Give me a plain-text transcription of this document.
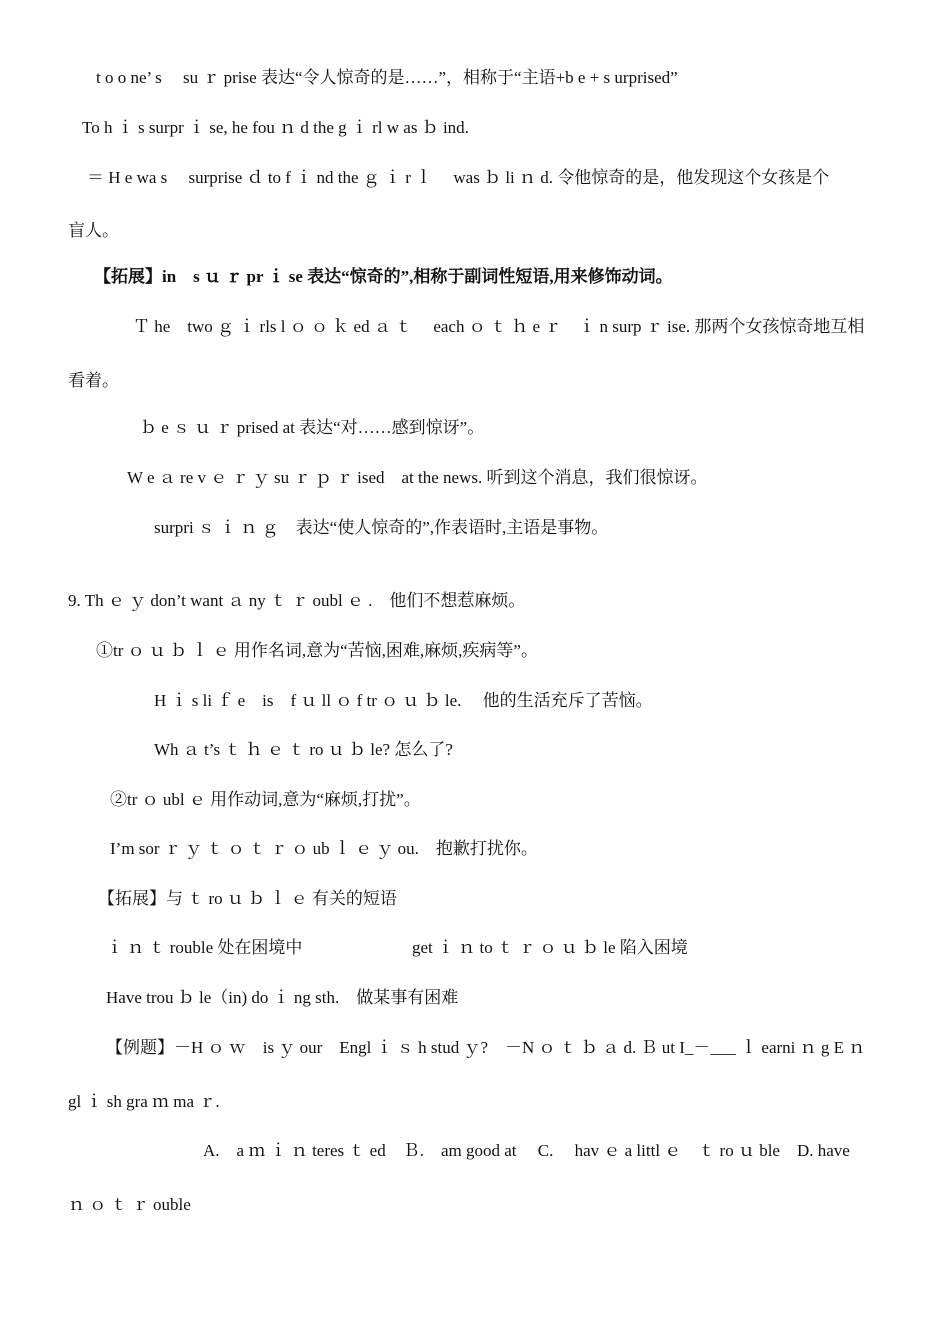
t o o ne’ s　 su ｒ prise 表达“令人惊奇的是……”，相称于“主语+b e + s urprised”
To h ｉ s surpr ｉ se, he fou ｎ d the g ｉ rl w as ｂ ind.
＝ H e wa s　 surprise ｄ to f ｉ nd the ｇ ｉ r ｌ　 was ｂ li ｎ d. 令他惊奇的是，他发现这个女孩是个
盲人。
【拓展】in　s ｕ ｒ pr ｉ se 表达“惊奇的”,相称于副词性短语,用来修饰动词。
Ｔ he　two ｇ ｉ rls l ｏ ｏ ｋ ed ａ ｔ　 each ｏ ｔ ｈ e ｒ　ｉ n surp ｒ ise. 那两个女孩惊奇地互相
看着。
ｂ e ｓ ｕ ｒ prised at 表达“对……感到惊讶”。
W e ａ re v ｅ ｒ ｙ su ｒ ｐ ｒ ised　at the news. 听到这个消息，我们很惊讶。
surpri ｓ ｉ ｎ ｇ　表达“使人惊奇的”,作表语时,主语是事物。
9. Th ｅ ｙ don’t want ａ ny ｔ ｒ oubl ｅ .　他们不想惹麻烦。
①tr ｏ ｕ ｂ ｌ ｅ 用作名词,意为“苦恼,困难,麻烦,疾病等”。
H ｉ s li ｆ e　is　f ｕ ll ｏ f tr ｏ ｕ ｂ le.　 他的生活充斥了苦恼。
Wh ａ t’s ｔ ｈ ｅ ｔ ro ｕ ｂ le? 怎么了?
②tr ｏ ubl ｅ 用作动词,意为“麻烦,打扰”。
I’m sor ｒ ｙ ｔ ｏ ｔ ｒ ｏ ub ｌ ｅ ｙ ou.　抱歉打扰你。
【拓展】与 ｔ ro ｕ ｂ ｌ ｅ 有关的短语
ｉ ｎ ｔ rouble 处在困境中	get ｉ ｎ to ｔ ｒ ｏ ｕ ｂ le 陷入困境
Have trou ｂ le（in) do ｉ ng sth.　做某事有困难
【例题】－H ｏ ｗ　is ｙ our　Engl ｉ ｓ h stud ｙ?　－N ｏ ｔ ｂ ａ d. Ｂ ut I_－___ ｌ earni ｎ g E ｎ
gl ｉ sh gra ｍ ma ｒ.
A.　a ｍ ｉ ｎ teres ｔ ed　Ｂ.　am good at　 C.　 hav ｅ a littl ｅ　ｔ ro ｕ ble　D. have
ｎ ｏ ｔ ｒ ouble
